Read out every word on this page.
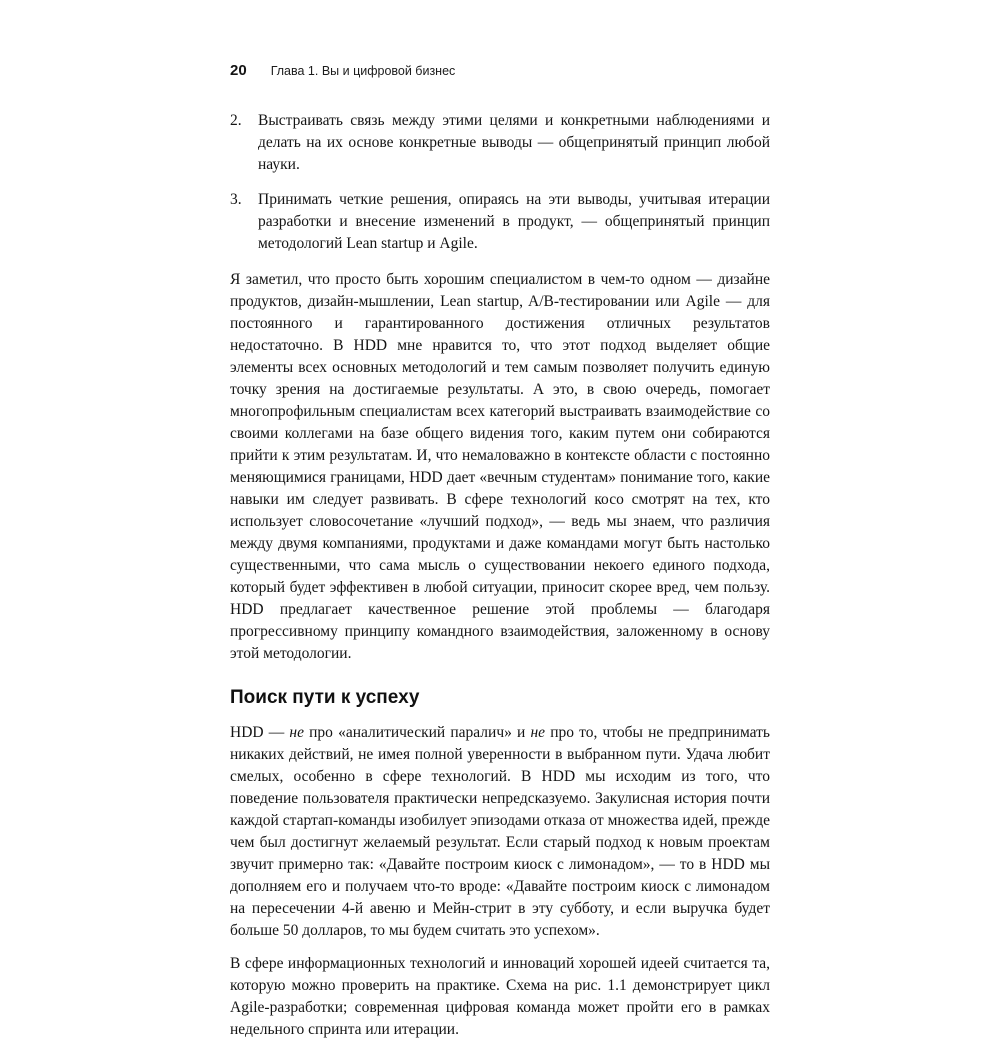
20 Глава 1. Вы и цифровой бизнес
2.	Выстраивать связь между этими целями и конкретными наблюдениями и делать на их основе конкретные выводы — общепринятый принцип любой науки.
3.	Принимать четкие решения, опираясь на эти выводы, учитывая итерации разработки и внесение изменений в продукт, — общепринятый принцип методологий Lean startup и Agile.

Я заметил, что просто быть хорошим специалистом в чем-то одном — дизайне продуктов, дизайн-мышлении, Lean startup, A/B-тестировании или Agile — для постоянного и гарантированного достижения отличных результатов недостаточно. В HDD мне нравится то, что этот подход выделяет общие элементы всех основных методологий и тем самым позволяет получить единую точку зрения на достигаемые результаты. А это, в свою очередь, помогает многопрофильным специалистам всех категорий выстраивать взаимодействие со своими коллегами на базе общего видения того, каким путем они собираются прийти к этим результатам. И, что немаловажно в контексте области с постоянно меняющимися границами, HDD дает «вечным студентам» понимание того, какие навыки им следует развивать. В сфере технологий косо смотрят на тех, кто использует словосочетание «лучший подход», — ведь мы знаем, что различия между двумя компаниями, продуктами и даже командами могут быть настолько существенными, что сама мысль о существовании некоего единого подхода, который будет эффективен в любой ситуации, приносит скорее вред, чем пользу. HDD предлагает качественное решение этой проблемы — благодаря прогрессивному принципу командного взаимодействия, заложенному в основу этой методологии.

Поиск пути к успеху

HDD — не про «аналитический паралич» и не про то, чтобы не предпринимать никаких действий, не имея полной уверенности в выбранном пути. Удача любит смелых, особенно в сфере технологий. В HDD мы исходим из того, что поведение пользователя практически непредсказуемо. Закулисная история почти каждой стартап-команды изобилует эпизодами отказа от множества идей, прежде чем был достигнут желаемый результат. Если старый подход к новым проектам звучит примерно так: «Давайте построим киоск с лимонадом», — то в HDD мы дополняем его и получаем что-то вроде: «Давайте построим киоск с лимонадом на пересечении 4-й авеню и Мейн-стрит в эту субботу, и если выручка будет больше 50 долларов, то мы будем считать это успехом».

В сфере информационных технологий и инноваций хорошей идеей считается та, которую можно проверить на практике. Схема на рис. 1.1 демонстрирует цикл Agile-разработки; современная цифровая команда может пройти его в рамках недельного спринта или итерации.
